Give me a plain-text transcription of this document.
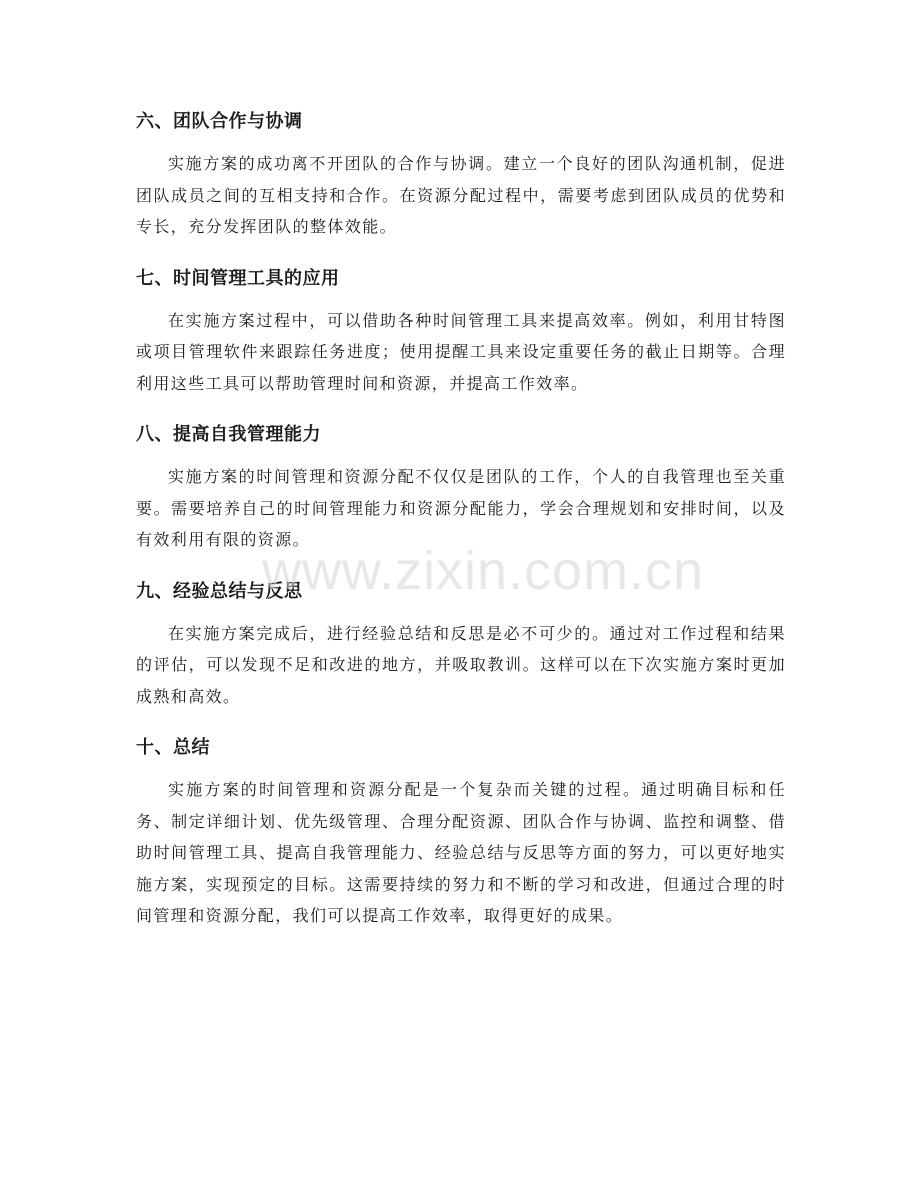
六、团队合作与协调

实施方案的成功离不开团队的合作与协调。建立一个良好的团队沟通机制，促进团队成员之间的互相支持和合作。在资源分配过程中，需要考虑到团队成员的优势和专长，充分发挥团队的整体效能。

七、时间管理工具的应用

在实施方案过程中，可以借助各种时间管理工具来提高效率。例如，利用甘特图或项目管理软件来跟踪任务进度；使用提醒工具来设定重要任务的截止日期等。合理利用这些工具可以帮助管理时间和资源，并提高工作效率。

八、提高自我管理能力

实施方案的时间管理和资源分配不仅仅是团队的工作，个人的自我管理也至关重要。需要培养自己的时间管理能力和资源分配能力，学会合理规划和安排时间，以及有效利用有限的资源。

九、经验总结与反思

在实施方案完成后，进行经验总结和反思是必不可少的。通过对工作过程和结果的评估，可以发现不足和改进的地方，并吸取教训。这样可以在下次实施方案时更加成熟和高效。

十、总结

实施方案的时间管理和资源分配是一个复杂而关键的过程。通过明确目标和任务、制定详细计划、优先级管理、合理分配资源、团队合作与协调、监控和调整、借助时间管理工具、提高自我管理能力、经验总结与反思等方面的努力，可以更好地实施方案，实现预定的目标。这需要持续的努力和不断的学习和改进，但通过合理的时间管理和资源分配，我们可以提高工作效率，取得更好的成果。

www.zixin.com.cn
